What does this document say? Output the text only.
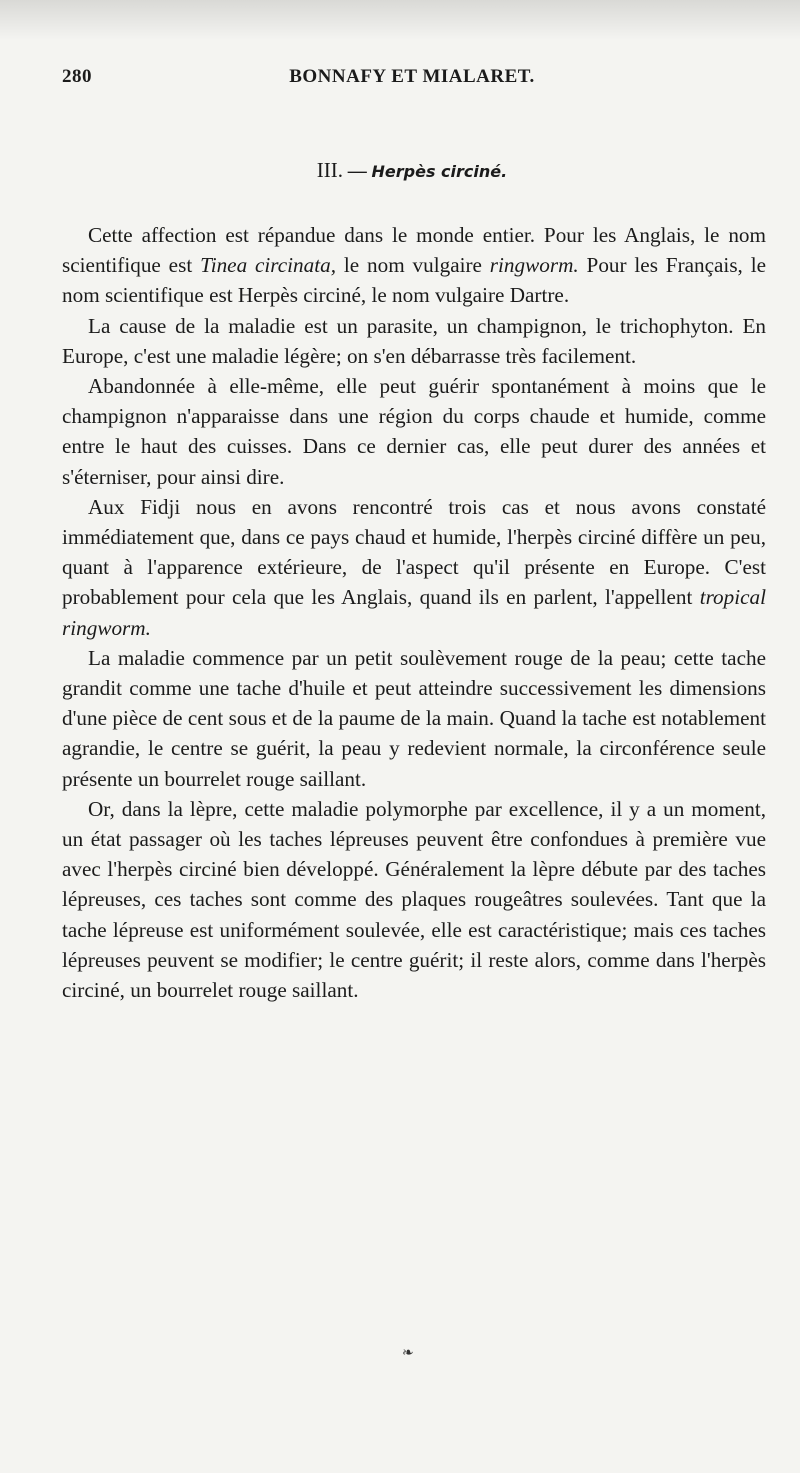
BONNAFY ET MIALARET.
280
III. — Herpès circiné.

Cette affection est répandue dans le monde entier. Pour les Anglais, le nom scientifique est Tinea circinata, le nom vulgaire ringworm. Pour les Français, le nom scientifique est Herpès circiné, le nom vulgaire Dartre.

La cause de la maladie est un parasite, un champignon, le trichophyton. En Europe, c'est une maladie légère; on s'en débarrasse très facilement.

Abandonnée à elle-même, elle peut guérir spontanément à moins que le champignon n'apparaisse dans une région du corps chaude et humide, comme entre le haut des cuisses. Dans ce dernier cas, elle peut durer des années et s'éterniser, pour ainsi dire.

Aux Fidji nous en avons rencontré trois cas et nous avons constaté immédiatement que, dans ce pays chaud et humide, l'herpès circiné diffère un peu, quant à l'apparence extérieure, de l'aspect qu'il présente en Europe. C'est probablement pour cela que les Anglais, quand ils en parlent, l'appellent tropical ringworm.

La maladie commence par un petit soulèvement rouge de la peau; cette tache grandit comme une tache d'huile et peut atteindre successivement les dimensions d'une pièce de cent sous et de la paume de la main. Quand la tache est notablement agrandie, le centre se guérit, la peau y redevient normale, la circonférence seule présente un bourrelet rouge saillant.

Or, dans la lèpre, cette maladie polymorphe par excellence, il y a un moment, un état passager où les taches lépreuses peuvent être confondues à première vue avec l'herpès circiné bien développé. Généralement la lèpre débute par des taches lépreuses, ces taches sont comme des plaques rougeâtres soulevées. Tant que la tache lépreuse est uniformément soulevée, elle est caractéristique; mais ces taches lépreuses peuvent se modifier; le centre guérit; il reste alors, comme dans l'herpès circiné, un bourrelet rouge saillant.

❧
